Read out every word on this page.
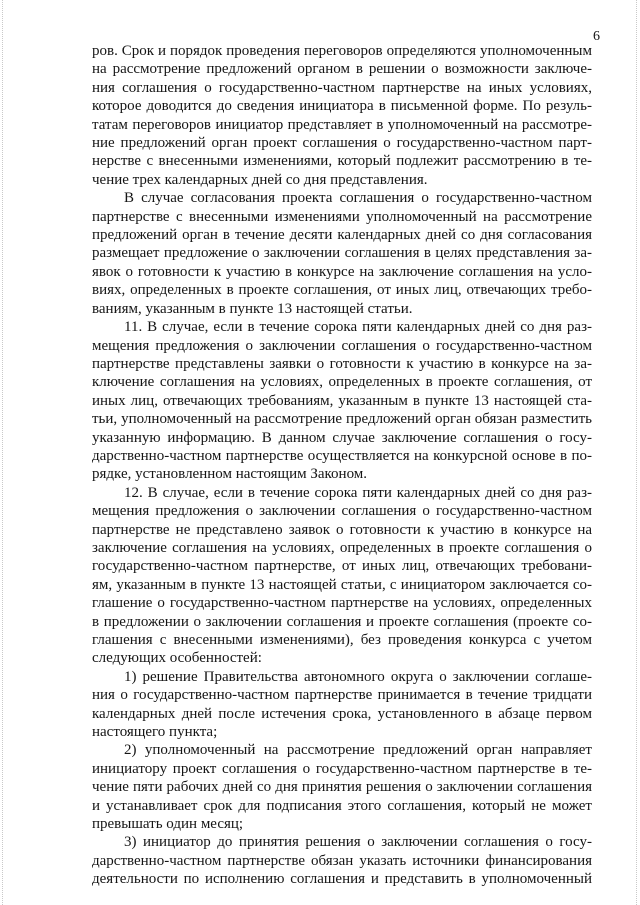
6
ров. Срок и порядок проведения переговоров определяются уполномоченным
на рассмотрение предложений органом в решении о возможности заключе-
ния соглашения о государственно-частном партнерстве на иных условиях,
которое доводится до сведения инициатора в письменной форме. По резуль-
татам переговоров инициатор представляет в уполномоченный на рассмотре-
ние предложений орган проект соглашения о государственно-частном парт-
нерстве с внесенными изменениями, который подлежит рассмотрению в те-
чение трех календарных дней со дня представления.
В случае согласования проекта соглашения о государственно-частном
партнерстве с внесенными изменениями уполномоченный на рассмотрение
предложений орган в течение десяти календарных дней со дня согласования
размещает предложение о заключении соглашения в целях представления за-
явок о готовности к участию в конкурсе на заключение соглашения на усло-
виях, определенных в проекте соглашения, от иных лиц, отвечающих требо-
ваниям, указанным в пункте 13 настоящей статьи.
11. В случае, если в течение сорока пяти календарных дней со дня раз-
мещения предложения о заключении соглашения о государственно-частном
партнерстве представлены заявки о готовности к участию в конкурсе на за-
ключение соглашения на условиях, определенных в проекте соглашения, от
иных лиц, отвечающих требованиям, указанным в пункте 13 настоящей ста-
тьи, уполномоченный на рассмотрение предложений орган обязан разместить
указанную информацию. В данном случае заключение соглашения о госу-
дарственно-частном партнерстве осуществляется на конкурсной основе в по-
рядке, установленном настоящим Законом.
12. В случае, если в течение сорока пяти календарных дней со дня раз-
мещения предложения о заключении соглашения о государственно-частном
партнерстве не представлено заявок о готовности к участию в конкурсе на
заключение соглашения на условиях, определенных в проекте соглашения о
государственно-частном партнерстве, от иных лиц, отвечающих требовани-
ям, указанным в пункте 13 настоящей статьи, с инициатором заключается со-
глашение о государственно-частном партнерстве на условиях, определенных
в предложении о заключении соглашения и проекте соглашения (проекте со-
глашения с внесенными изменениями), без проведения конкурса с учетом
следующих особенностей:
1) решение Правительства автономного округа о заключении соглаше-
ния о государственно-частном партнерстве принимается в течение тридцати
календарных дней после истечения срока, установленного в абзаце первом
настоящего пункта;
2) уполномоченный на рассмотрение предложений орган направляет
инициатору проект соглашения о государственно-частном партнерстве в те-
чение пяти рабочих дней со дня принятия решения о заключении соглашения
и устанавливает срок для подписания этого соглашения, который не может
превышать один месяц;
3) инициатор до принятия решения о заключении соглашения о госу-
дарственно-частном партнерстве обязан указать источники финансирования
деятельности по исполнению соглашения и представить в уполномоченный
